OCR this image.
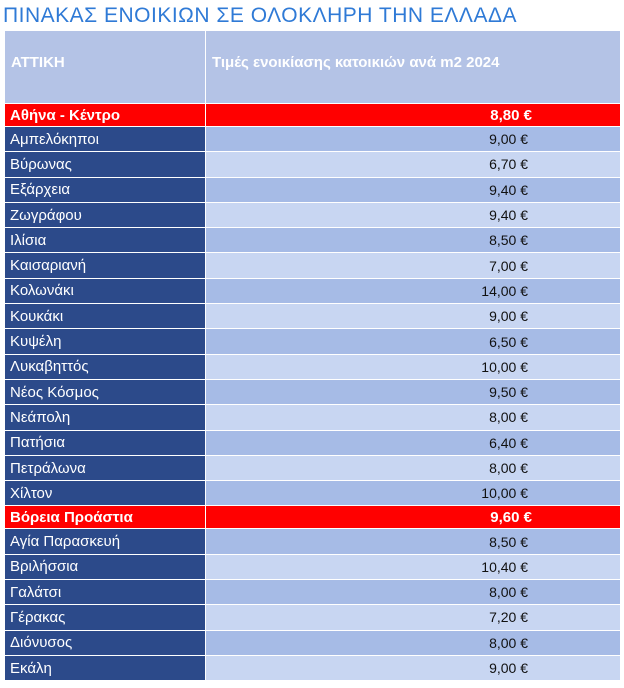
ΠΙΝΑΚΑΣ ΕΝΟΙΚΙΩΝ ΣΕ ΟΛΟΚΛΗΡΗ ΤΗΝ ΕΛΛΑΔΑ
ΑΤΤΙΚΗ	Τιμές ενοικίασης κατοικιών ανά m2 2024

Αθήνα - Κέντρο	8,80 €
Αμπελόκηποι	9,00 €
Βύρωνας	6,70 €
Εξάρχεια	9,40 €
Ζωγράφου	9,40 €
Ιλίσια	8,50 €
Καισαριανή	7,00 €
Κολωνάκι	14,00 €
Κουκάκι	9,00 €
Κυψέλη	6,50 €
Λυκαβηττός	10,00 €
Νέος Κόσμος	9,50 €
Νεάπολη	8,00 €
Πατήσια	6,40 €
Πετράλωνα	8,00 €
Χίλτον	10,00 €
Βόρεια Προάστια	9,60 €
Αγία Παρασκευή	8,50 €
Βριλήσσια	10,40 €
Γαλάτσι	8,00 €
Γέρακας	7,20 €
Διόνυσος	8,00 €
Εκάλη	9,00 €
